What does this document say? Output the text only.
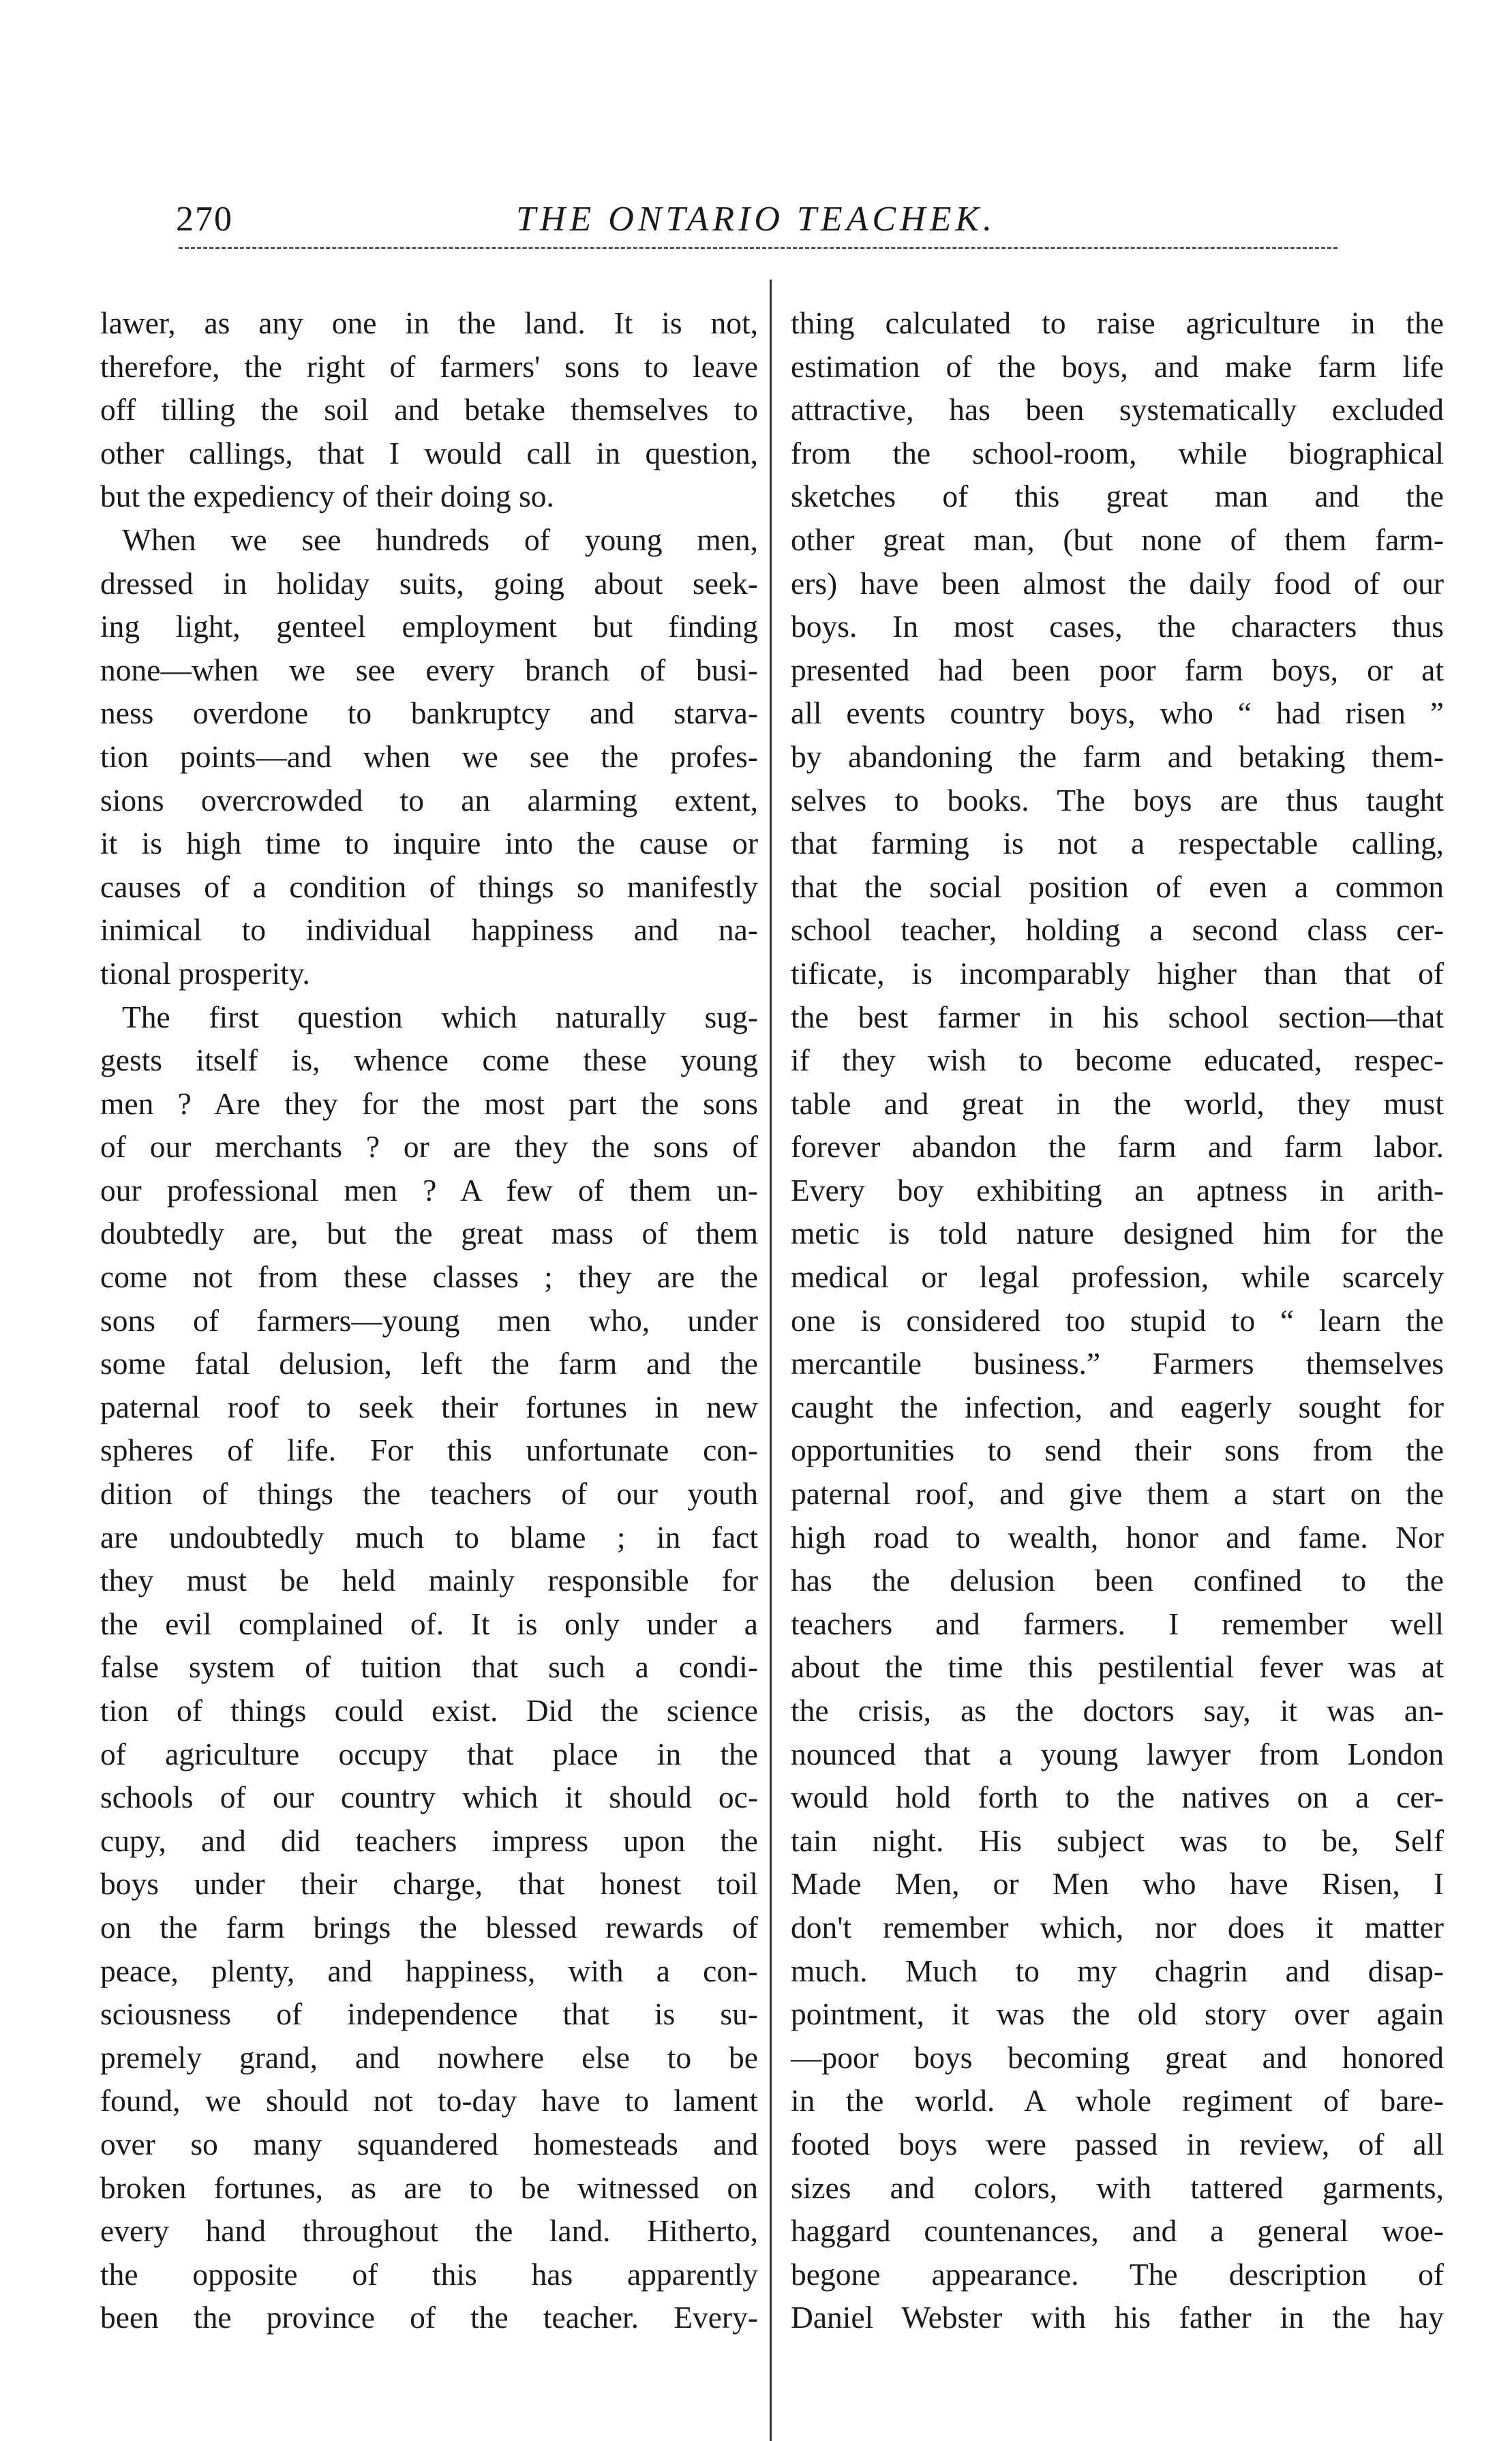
270	THE ONTARIO TEACHEK.
lawer, as any one in the land. It is not,
therefore, the right of farmers' sons to leave
off tilling the soil and betake themselves to
other callings, that I would call in question,
but the expediency of their doing so.
When we see hundreds of young men,
dressed in holiday suits, going about seek-
ing light, genteel employment but finding
none—when we see every branch of busi-
ness overdone to bankruptcy and starva-
tion points—and when we see the profes-
sions overcrowded to an alarming extent,
it is high time to inquire into the cause or
causes of a condition of things so manifestly
inimical to individual happiness and na-
tional prosperity.
The first question which naturally sug-
gests itself is, whence come these young
men ? Are they for the most part the sons
of our merchants ? or are they the sons of
our professional men ? A few of them un-
doubtedly are, but the great mass of them
come not from these classes ; they are the
sons of farmers—young men who, under
some fatal delusion, left the farm and the
paternal roof to seek their fortunes in new
spheres of life. For this unfortunate con-
dition of things the teachers of our youth
are undoubtedly much to blame ; in fact
they must be held mainly responsible for
the evil complained of. It is only under a
false system of tuition that such a condi-
tion of things could exist. Did the science
of agriculture occupy that place in the
schools of our country which it should oc-
cupy, and did teachers impress upon the
boys under their charge, that honest toil
on the farm brings the blessed rewards of
peace, plenty, and happiness, with a con-
sciousness of independence that is su-
premely grand, and nowhere else to be
found, we should not to-day have to lament
over so many squandered homesteads and
broken fortunes, as are to be witnessed on
every hand throughout the land. Hitherto,
the opposite of this has apparently
been the province of the teacher. Every-
thing calculated to raise agriculture in the
estimation of the boys, and make farm life
attractive, has been systematically excluded
from the school-room, while biographical
sketches of this great man and the
other great man, (but none of them farm-
ers) have been almost the daily food of our
boys. In most cases, the characters thus
presented had been poor farm boys, or at
all events country boys, who “ had risen ”
by abandoning the farm and betaking them-
selves to books. The boys are thus taught
that farming is not a respectable calling,
that the social position of even a common
school teacher, holding a second class cer-
tificate, is incomparably higher than that of
the best farmer in his school section—that
if they wish to become educated, respec-
table and great in the world, they must
forever abandon the farm and farm labor.
Every boy exhibiting an aptness in arith-
metic is told nature designed him for the
medical or legal profession, while scarcely
one is considered too stupid to “ learn the
mercantile business.” Farmers themselves
caught the infection, and eagerly sought for
opportunities to send their sons from the
paternal roof, and give them a start on the
high road to wealth, honor and fame. Nor
has the delusion been confined to the
teachers and farmers. I remember well
about the time this pestilential fever was at
the crisis, as the doctors say, it was an-
nounced that a young lawyer from London
would hold forth to the natives on a cer-
tain night. His subject was to be, Self
Made Men, or Men who have Risen, I
don't remember which, nor does it matter
much. Much to my chagrin and disap-
pointment, it was the old story over again
—poor boys becoming great and honored
in the world. A whole regiment of bare-
footed boys were passed in review, of all
sizes and colors, with tattered garments,
haggard countenances, and a general woe-
begone appearance. The description of
Daniel Webster with his father in the hay
